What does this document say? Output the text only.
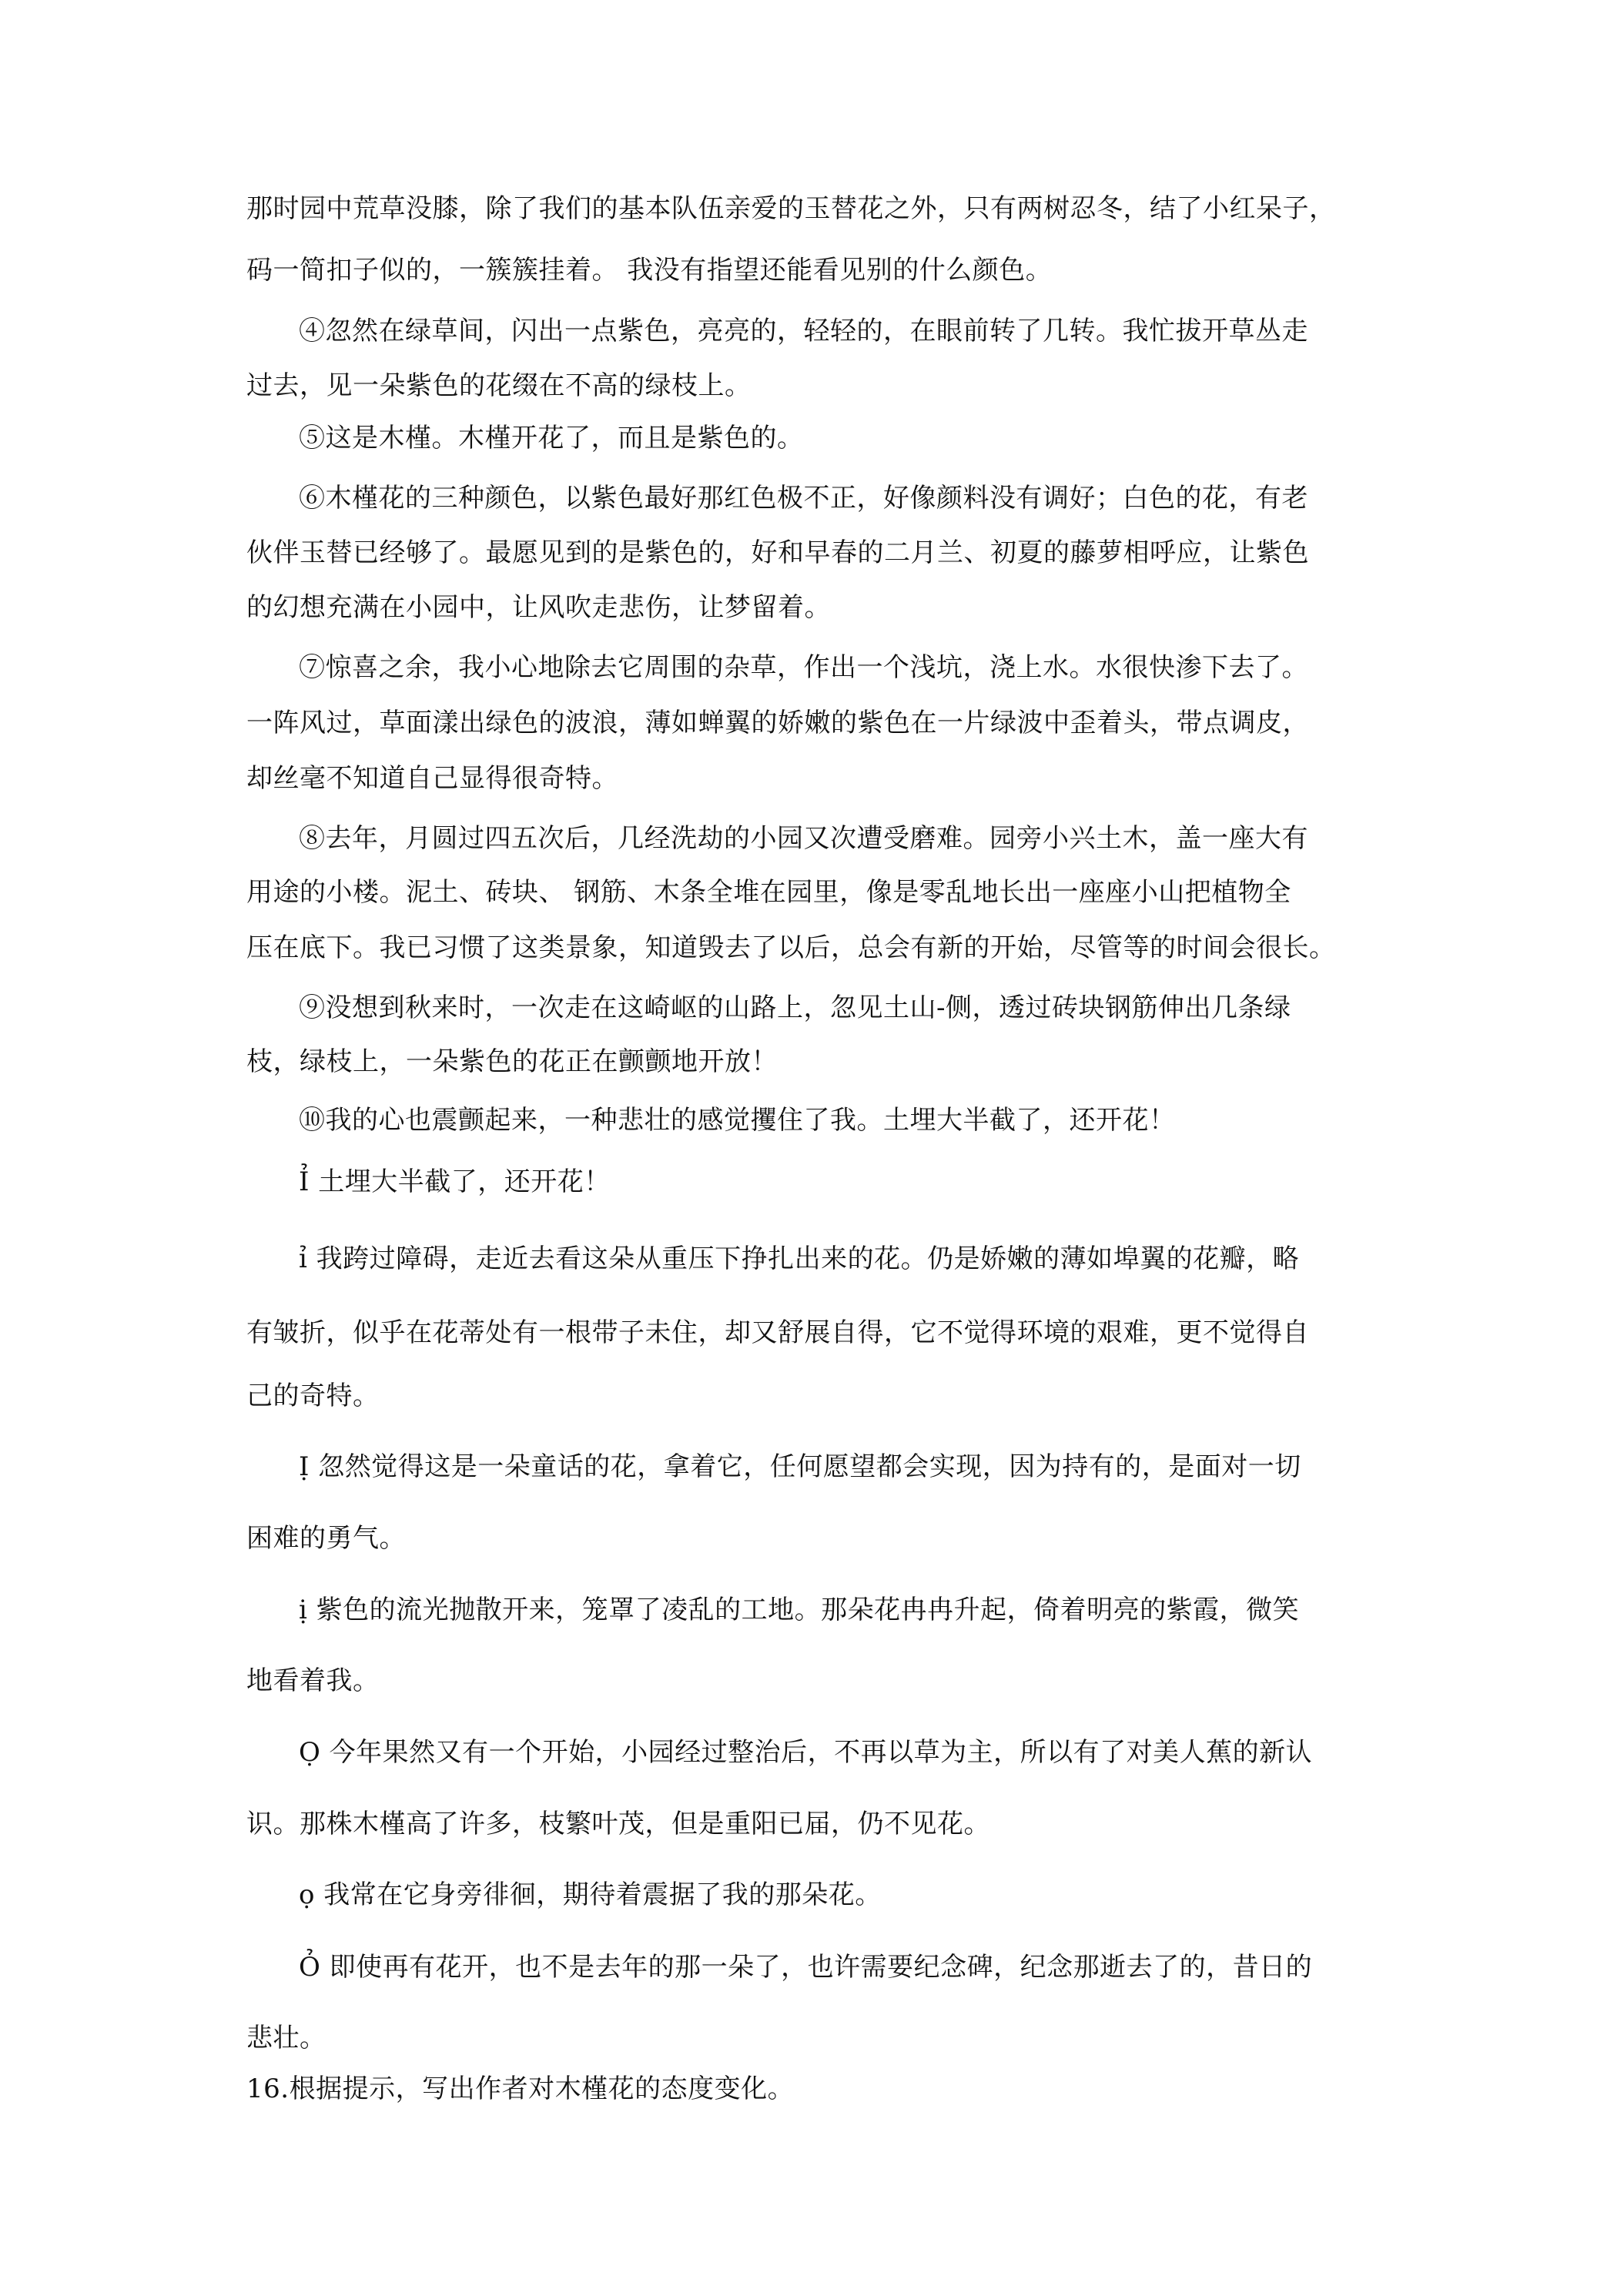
那时园中荒草没膝，除了我们的基本队伍亲爱的玉替花之外，只有两树忍冬，结了小红呆子，

码一简扣子似的，一簇簇挂着。 我没有指望还能看见别的什么颜色。

④忽然在绿草间，闪出一点紫色，亮亮的，轻轻的，在眼前转了几转。我忙拔开草丛走

过去，见一朵紫色的花缀在不高的绿枝上。

⑤这是木槿。木槿开花了，而且是紫色的。

⑥木槿花的三种颜色，以紫色最好那红色极不正，好像颜料没有调好；白色的花，有老

伙伴玉替已经够了。最愿见到的是紫色的，好和早春的二月兰、初夏的藤萝相呼应，让紫色

的幻想充满在小园中，让风吹走悲伤，让梦留着。

⑦惊喜之余，我小心地除去它周围的杂草，作出一个浅坑，浇上水。水很快渗下去了。

一阵风过，草面漾出绿色的波浪，薄如蝉翼的娇嫩的紫色在一片绿波中歪着头，带点调皮，

却丝毫不知道自己显得很奇特。

⑧去年，月圆过四五次后，几经洗劫的小园又次遭受磨难。园旁小兴土木，盖一座大有

用途的小楼。泥土、砖块、 钢筋、木条全堆在园里，像是零乱地长出一座座小山把植物全

压在底下。我已习惯了这类景象，知道毁去了以后，总会有新的开始，尽管等的时间会很长。

⑨没想到秋来时，一次走在这崎岖的山路上，忽见土山-侧，透过砖块钢筋伸出几条绿

枝，绿枝上，一朵紫色的花正在颤颤地开放！

⑩我的心也震颤起来，一种悲壮的感觉攫住了我。土埋大半截了，还开花！

Ỉ 土埋大半截了，还开花！

ỉ 我跨过障碍，走近去看这朵从重压下挣扎出来的花。仍是娇嫩的薄如埠翼的花瓣，略

有皱折，似乎在花蒂处有一根带子未住，却又舒展自得，它不觉得环境的艰难，更不觉得自

己的奇特。

Ị 忽然觉得这是一朵童话的花，拿着它，任何愿望都会实现，因为持有的，是面对一切

困难的勇气。

ị 紫色的流光抛散开来，笼罩了凌乱的工地。那朵花冉冉升起，倚着明亮的紫霞，微笑

地看着我。

Ọ 今年果然又有一个开始，小园经过整治后，不再以草为主，所以有了对美人蕉的新认

识。那株木槿高了许多，枝繁叶茂，但是重阳已届，仍不见花。

ọ 我常在它身旁徘徊，期待着震据了我的那朵花。

Ỏ 即使再有花开，也不是去年的那一朵了，也许需要纪念碑，纪念那逝去了的，昔日的

悲壮。

16.根据提示，写出作者对木槿花的态度变化。
